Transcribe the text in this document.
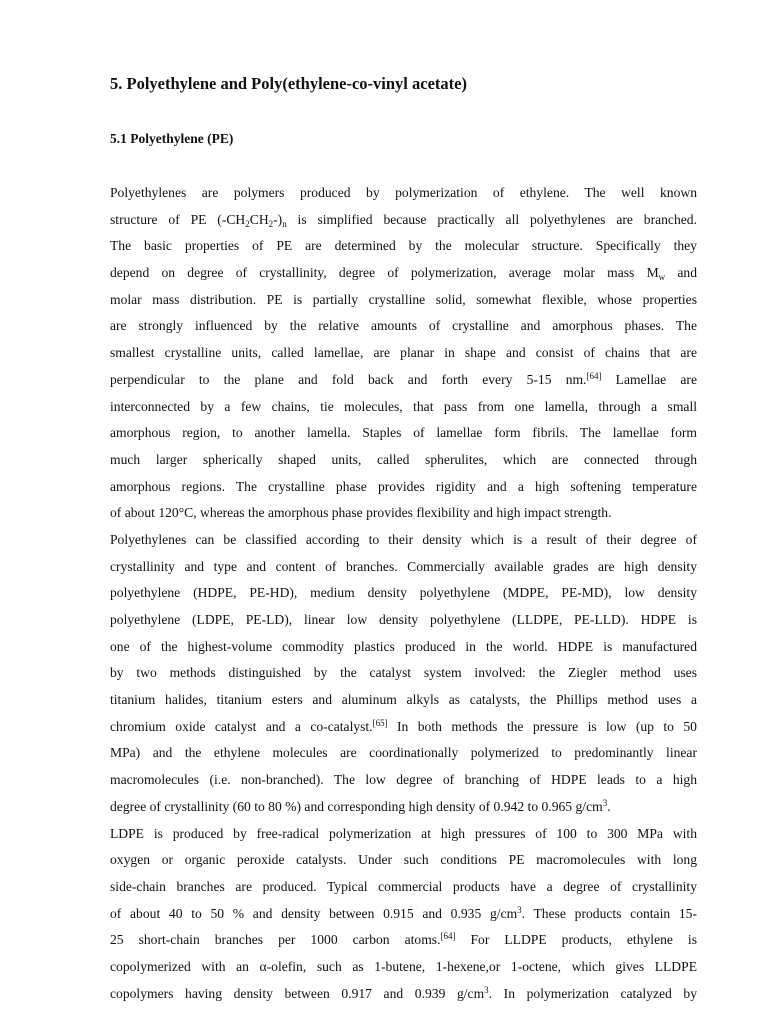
5. Polyethylene and Poly(ethylene-co-vinyl acetate)
5.1 Polyethylene (PE)
Polyethylenes are polymers produced by polymerization of ethylene. The well known
structure of PE $(-CH_2CH_2-)_n$ is simplified because practically all polyethylenes are branched.
The basic properties of PE are determined by the molecular structure. Specifically they
depend on degree of crystallinity, degree of polymerization, average molar mass $M_w$ and
molar mass distribution. PE is partially crystalline solid, somewhat flexible, whose properties
are strongly influenced by the relative amounts of crystalline and amorphous phases. The
smallest crystalline units, called lamellae, are planar in shape and consist of chains that are
perpendicular to the plane and fold back and forth every 5-15 nm.[64] Lamellae are
interconnected by a few chains, tie molecules, that pass from one lamella, through a small
amorphous region, to another lamella. Staples of lamellae form fibrils. The lamellae form
much larger spherically shaped units, called spherulites, which are connected through
amorphous regions. The crystalline phase provides rigidity and a high softening temperature
of about 120°C, whereas the amorphous phase provides flexibility and high impact strength.
Polyethylenes can be classified according to their density which is a result of their degree of
crystallinity and type and content of branches. Commercially available grades are high density
polyethylene (HDPE, PE-HD), medium density polyethylene (MDPE, PE-MD), low density
polyethylene (LDPE, PE-LD), linear low density polyethylene (LLDPE, PE-LLD). HDPE is
one of the highest-volume commodity plastics produced in the world. HDPE is manufactured
by two methods distinguished by the catalyst system involved: the Ziegler method uses
titanium halides, titanium esters and aluminum alkyls as catalysts, the Phillips method uses a
chromium oxide catalyst and a co-catalyst.[65] In both methods the pressure is low (up to 50
MPa) and the ethylene molecules are coordinationally polymerized to predominantly linear
macromolecules (i.e. non-branched). The low degree of branching of HDPE leads to a high
degree of crystallinity (60 to 80 %) and corresponding high density of 0.942 to 0.965 $g/cm^3$.
LDPE is produced by free-radical polymerization at high pressures of 100 to 300 MPa with
oxygen or organic peroxide catalysts. Under such conditions PE macromolecules with long
side-chain branches are produced. Typical commercial products have a degree of crystallinity
of about 40 to 50 % and density between 0.915 and 0.935 $g/cm^3$. These products contain 15-
25 short-chain branches per 1000 carbon atoms.[64] For LLDPE products, ethylene is
copolymerized with an α-olefin, such as 1-butene, 1-hexene,or 1-octene, which gives LLDPE
copolymers having density between 0.917 and 0.939 $g/cm^3$. In polymerization catalyzed by
